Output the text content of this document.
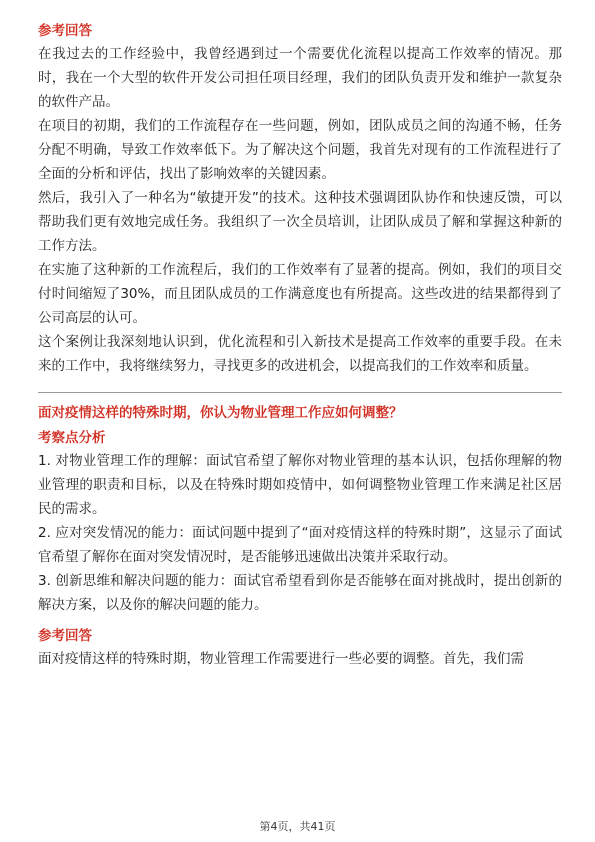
参考回答

在我过去的工作经验中，我曾经遇到过一个需要优化流程以提高工作效率的情况。那时，我在一个大型的软件开发公司担任项目经理，我们的团队负责开发和维护一款复杂的软件产品。

在项目的初期，我们的工作流程存在一些问题，例如，团队成员之间的沟通不畅，任务分配不明确，导致工作效率低下。为了解决这个问题，我首先对现有的工作流程进行了全面的分析和评估，找出了影响效率的关键因素。

然后，我引入了一种名为“敏捷开发”的技术。这种技术强调团队协作和快速反馈，可以帮助我们更有效地完成任务。我组织了一次全员培训，让团队成员了解和掌握这种新的工作方法。

在实施了这种新的工作流程后，我们的工作效率有了显著的提高。例如，我们的项目交付时间缩短了30%，而且团队成员的工作满意度也有所提高。这些改进的结果都得到了公司高层的认可。

这个案例让我深刻地认识到，优化流程和引入新技术是提高工作效率的重要手段。在未来的工作中，我将继续努力，寻找更多的改进机会，以提高我们的工作效率和质量。

面对疫情这样的特殊时期，你认为物业管理工作应如何调整？

考察点分析

1. 对物业管理工作的理解：面试官希望了解你对物业管理的基本认识，包括你理解的物业管理的职责和目标，以及在特殊时期如疫情中，如何调整物业管理工作来满足社区居民的需求。

2. 应对突发情况的能力：面试问题中提到了“面对疫情这样的特殊时期”，这显示了面试官希望了解你在面对突发情况时，是否能够迅速做出决策并采取行动。

3. 创新思维和解决问题的能力：面试官希望看到你是否能够在面对挑战时，提出创新的解决方案，以及你的解决问题的能力。

参考回答

面对疫情这样的特殊时期，物业管理工作需要进行一些必要的调整。首先，我们需

第4页，共41页
